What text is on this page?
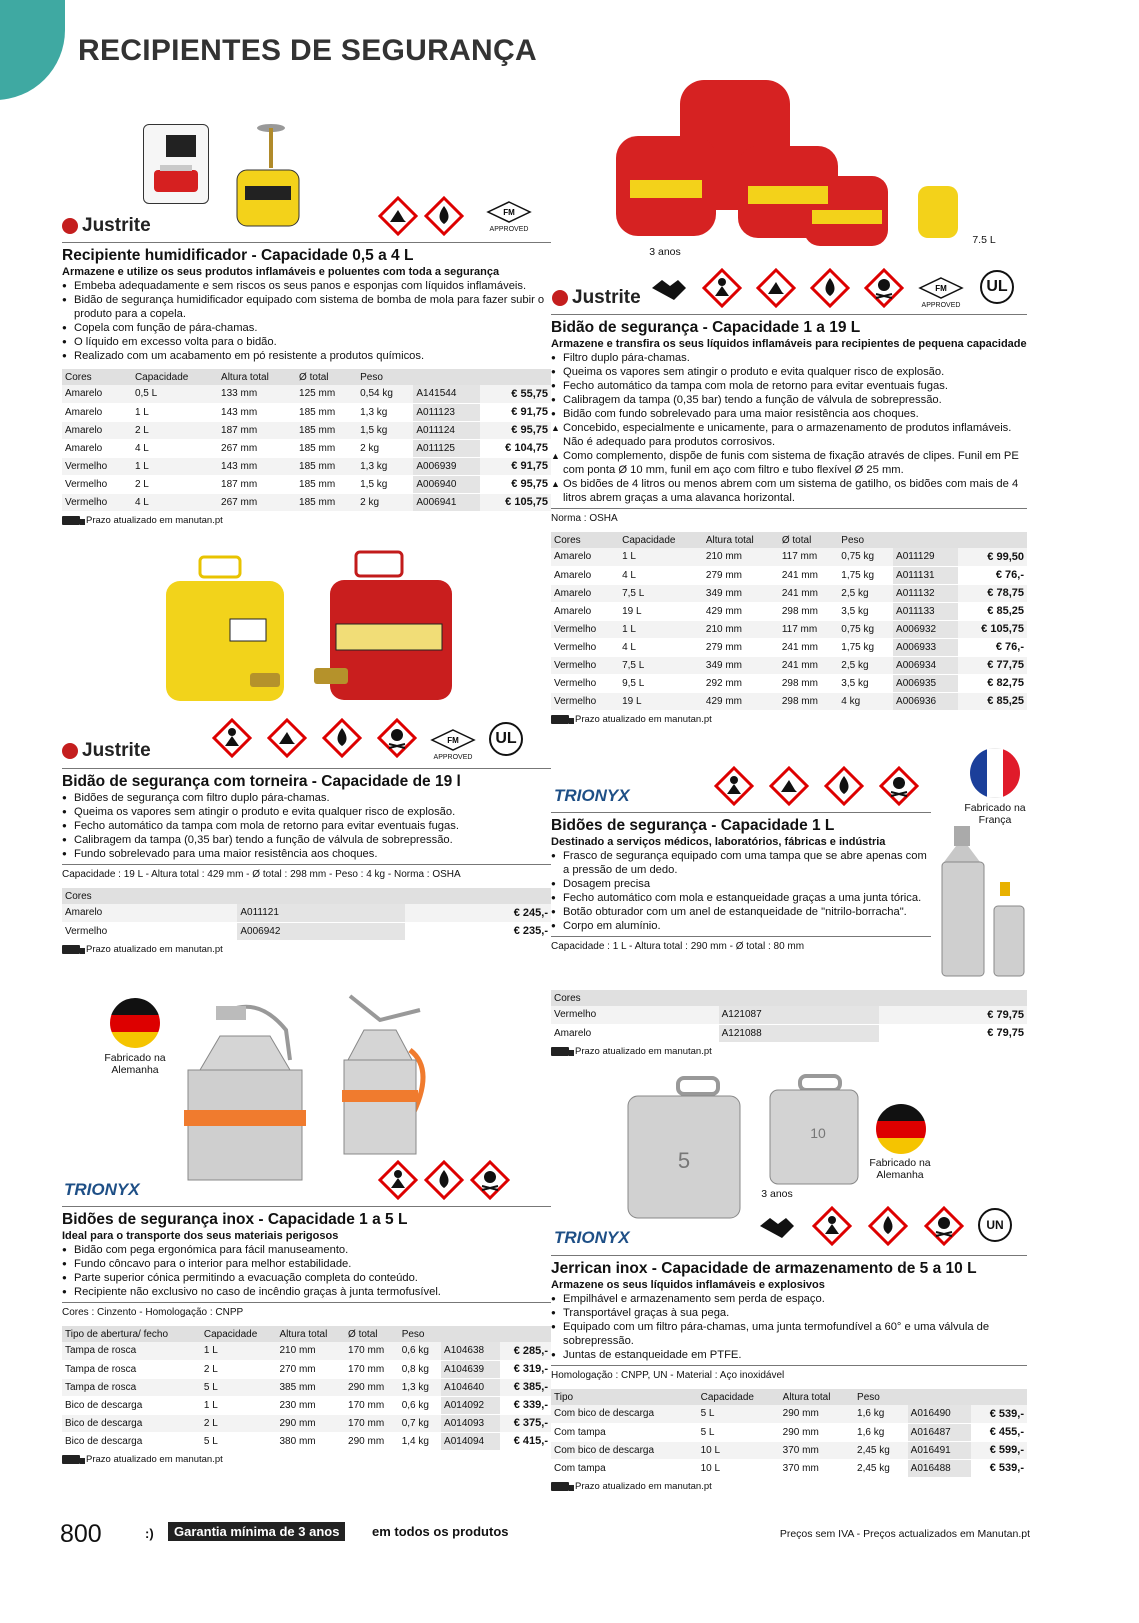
RECIPIENTES DE SEGURANÇA
Justrite
FM
APPROVED
Recipiente humidificador - Capacidade 0,5 a 4 L
Armazene e utilize os seus produtos inflamáveis e poluentes com toda a segurança
● Embeba adequadamente e sem riscos os seus panos e esponjas com líquidos inflamáveis.
● Bidão de segurança humidificador equipado com sistema de bomba de mola para fazer subir o produto para a copela.
● Copela com função de pára-chamas.
● O líquido em excesso volta para o bidão.
● Realizado com um acabamento em pó resistente a produtos químicos.
Cores	Capacidade	Altura total	Ø total	Peso		
Amarelo	0,5 L	133 mm	125 mm	0,54 kg	A141544	€ 55,75
Amarelo	1 L	143 mm	185 mm	1,3 kg	A011123	€ 91,75
Amarelo	2 L	187 mm	185 mm	1,5 kg	A011124	€ 95,75
Amarelo	4 L	267 mm	185 mm	2 kg	A011125	€ 104,75
Vermelho	1 L	143 mm	185 mm	1,3 kg	A006939	€ 91,75
Vermelho	2 L	187 mm	185 mm	1,5 kg	A006940	€ 95,75
Vermelho	4 L	267 mm	185 mm	2 kg	A006941	€ 105,75
Prazo atualizado em manutan.pt
Justrite	FM
APPROVED
UL
Bidão de segurança com torneira - Capacidade de 19 l
● Bidões de segurança com filtro duplo pára-chamas.
● Queima os vapores sem atingir o produto e evita qualquer risco de explosão.
● Fecho automático da tampa com mola de retorno para evitar eventuais fugas.
● Calibragem da tampa (0,35 bar) tendo a função de válvula de sobrepressão.
● Fundo sobrelevado para uma maior resistência aos choques.
Capacidade : 19 L - Altura total : 429 mm - Ø total : 298 mm - Peso : 4 kg - Norma : OSHA
Cores		
Amarelo	A011121	€ 245,-
Vermelho	A006942	€ 235,-
Prazo atualizado em manutan.pt
Fabricado na Alemanha
TRIONYX
Bidões de segurança inox - Capacidade 1 a 5 L
Ideal para o transporte dos seus materiais perigosos
● Bidão com pega ergonómica para fácil manuseamento.
● Fundo côncavo para o interior para melhor estabilidade.
● Parte superior cónica permitindo a evacuação completa do conteúdo.
● Recipiente não exclusivo no caso de incêndio graças à junta termofusível.
Cores : Cinzento - Homologação : CNPP
Tipo de abertura/ fecho	Capacidade	Altura total	Ø total	Peso		
Tampa de rosca	1 L	210 mm	170 mm	0,6 kg	A104638	€ 285,-
Tampa de rosca	2 L	270 mm	170 mm	0,8 kg	A104639	€ 319,-
Tampa de rosca	5 L	385 mm	290 mm	1,3 kg	A104640	€ 385,-
Bico de descarga	1 L	230 mm	170 mm	0,6 kg	A014092	€ 339,-
Bico de descarga	2 L	290 mm	170 mm	0,7 kg	A014093	€ 375,-
Bico de descarga	5 L	380 mm	290 mm	1,4 kg	A014094	€ 415,-
Prazo atualizado em manutan.pt
3 anos
7.5 L
Justrite	FM
APPROVED
UL
Bidão de segurança - Capacidade 1 a 19 L
Armazene e transfira os seus líquidos inflamáveis para recipientes de pequena capacidade
● Filtro duplo pára-chamas.
● Queima os vapores sem atingir o produto e evita qualquer risco de explosão.
● Fecho automático da tampa com mola de retorno para evitar eventuais fugas.
● Calibragem da tampa (0,35 bar) tendo a função de válvula de sobrepressão.
● Bidão com fundo sobrelevado para uma maior resistência aos choques.
▲ Concebido, especialmente e unicamente, para o armazenamento de produtos inflamáveis. Não é adequado para produtos corrosivos.
▲ Como complemento, dispõe de funis com sistema de fixação através de clipes. Funil em PE com ponta Ø 10 mm, funil em aço com filtro e tubo flexível Ø 25 mm.
▲ Os bidões de 4 litros ou menos abrem com um sistema de gatilho, os bidões com mais de 4 litros abrem graças a uma alavanca horizontal.
Norma : OSHA
Cores	Capacidade	Altura total	Ø total	Peso		
Amarelo	1 L	210 mm	117 mm	0,75 kg	A011129	€ 99,50
Amarelo	4 L	279 mm	241 mm	1,75 kg	A011131	€ 76,-
Amarelo	7,5 L	349 mm	241 mm	2,5 kg	A011132	€ 78,75
Amarelo	19 L	429 mm	298 mm	3,5 kg	A011133	€ 85,25
Vermelho	1 L	210 mm	117 mm	0,75 kg	A006932	€ 105,75
Vermelho	4 L	279 mm	241 mm	1,75 kg	A006933	€ 76,-
Vermelho	7,5 L	349 mm	241 mm	2,5 kg	A006934	€ 77,75
Vermelho	9,5 L	292 mm	298 mm	3,5 kg	A006935	€ 82,75
Vermelho	19 L	429 mm	298 mm	4 kg	A006936	€ 85,25
Prazo atualizado em manutan.pt
TRIONYX
Fabricado na França
Bidões de segurança - Capacidade 1 L
Destinado a serviços médicos, laboratórios, fábricas e indústria
● Frasco de segurança equipado com uma tampa que se abre apenas com a pressão de um dedo.
● Dosagem precisa
● Fecho automático com mola e estanqueidade graças a uma junta tórica.
● Botão obturador com um anel de estanqueidade de "nitrilo-borracha".
● Corpo em alumínio.
Capacidade : 1 L - Altura total : 290 mm - Ø total : 80 mm
Cores		
Vermelho	A121087	€ 79,75
Amarelo	A121088	€ 79,75
Prazo atualizado em manutan.pt
5
10
3 anos
Fabricado na Alemanha
TRIONYX
UN
Jerrican inox - Capacidade de armazenamento de 5 a 10 L
Armazene os seus líquidos inflamáveis e explosivos
● Empilhável e armazenamento sem perda de espaço.
● Transportável graças à sua pega.
● Equipado com um filtro pára-chamas, uma junta termofundível a 60° e uma válvula de sobrepressão.
● Juntas de estanqueidade em PTFE.
Homologação : CNPP, UN - Material : Aço inoxidável
Tipo	Capacidade	Altura total	Peso		
Com bico de descarga	5 L	290 mm	1,6 kg	A016490	€ 539,-
Com tampa	5 L	290 mm	1,6 kg	A016487	€ 455,-
Com bico de descarga	10 L	370 mm	2,45 kg	A016491	€ 599,-
Com tampa	10 L	370 mm	2,45 kg	A016488	€ 539,-
Prazo atualizado em manutan.pt
800	:)	Garantia mínima de 3 anos	em todos os produtos	Preços sem IVA - Preços actualizados em Manutan.pt
